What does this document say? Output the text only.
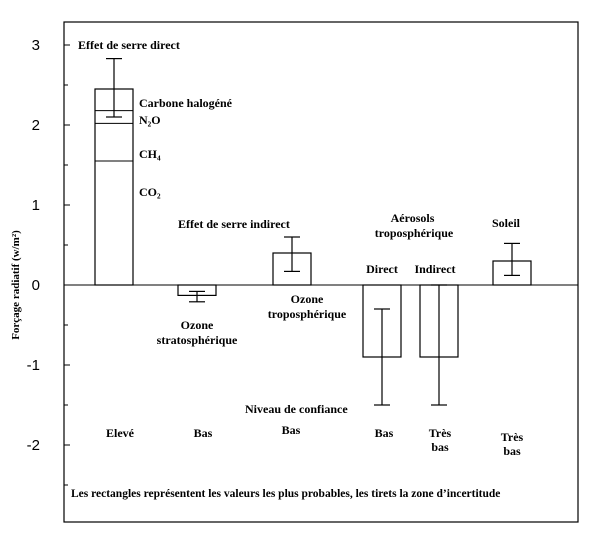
-2
-1
0
1
2
3
CO₂
CH₄
N₂O
Carbone halogéné
Ozone stratosphérique
Ozone troposphérique
Direct Indirect
Soleil
Forçage radiatif (w/m²)
Effet de serre direct
Effet de serre indirect	Aérosols troposphérique
Niveau de confiance
Elevé	Bas	Bas	Bas	Très bas
Très bas
Les rectangles représentent les valeurs les plus probables, les tirets la zone d’incertitude
